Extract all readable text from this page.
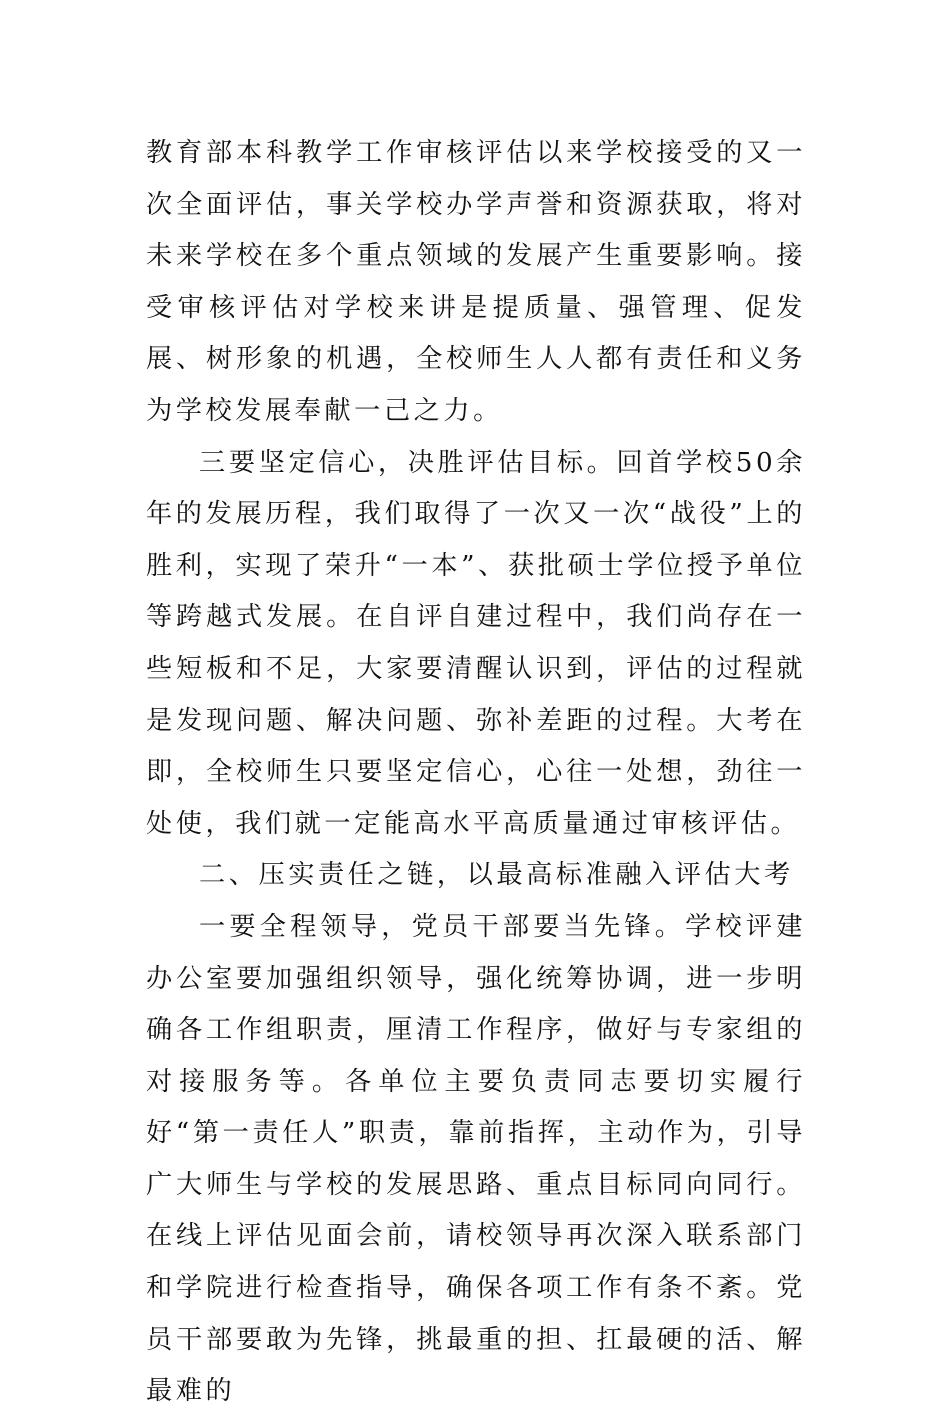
教育部本科教学工作审核评估以来学校接受的又一次全面评估，事关学校办学声誉和资源获取，将对未来学校在多个重点领域的发展产生重要影响。接受审核评估对学校来讲是提质量、强管理、促发展、树形象的机遇，全校师生人人都有责任和义务为学校发展奉献一己之力。

三要坚定信心，决胜评估目标。回首学校50余年的发展历程，我们取得了一次又一次“战役”上的胜利，实现了荣升“一本”、获批硕士学位授予单位等跨越式发展。在自评自建过程中，我们尚存在一些短板和不足，大家要清醒认识到，评估的过程就是发现问题、解决问题、弥补差距的过程。大考在即，全校师生只要坚定信心，心往一处想，劲往一处使，我们就一定能高水平高质量通过审核评估。

二、压实责任之链，以最高标准融入评估大考

一要全程领导，党员干部要当先锋。学校评建办公室要加强组织领导，强化统筹协调，进一步明确各工作组职责，厘清工作程序，做好与专家组的对接服务等。各单位主要负责同志要切实履行好“第一责任人”职责，靠前指挥，主动作为，引导广大师生与学校的发展思路、重点目标同向同行。在线上评估见面会前，请校领导再次深入联系部门和学院进行检查指导，确保各项工作有条不紊。党员干部要敢为先锋，挑最重的担、扛最硬的活、解最难的
